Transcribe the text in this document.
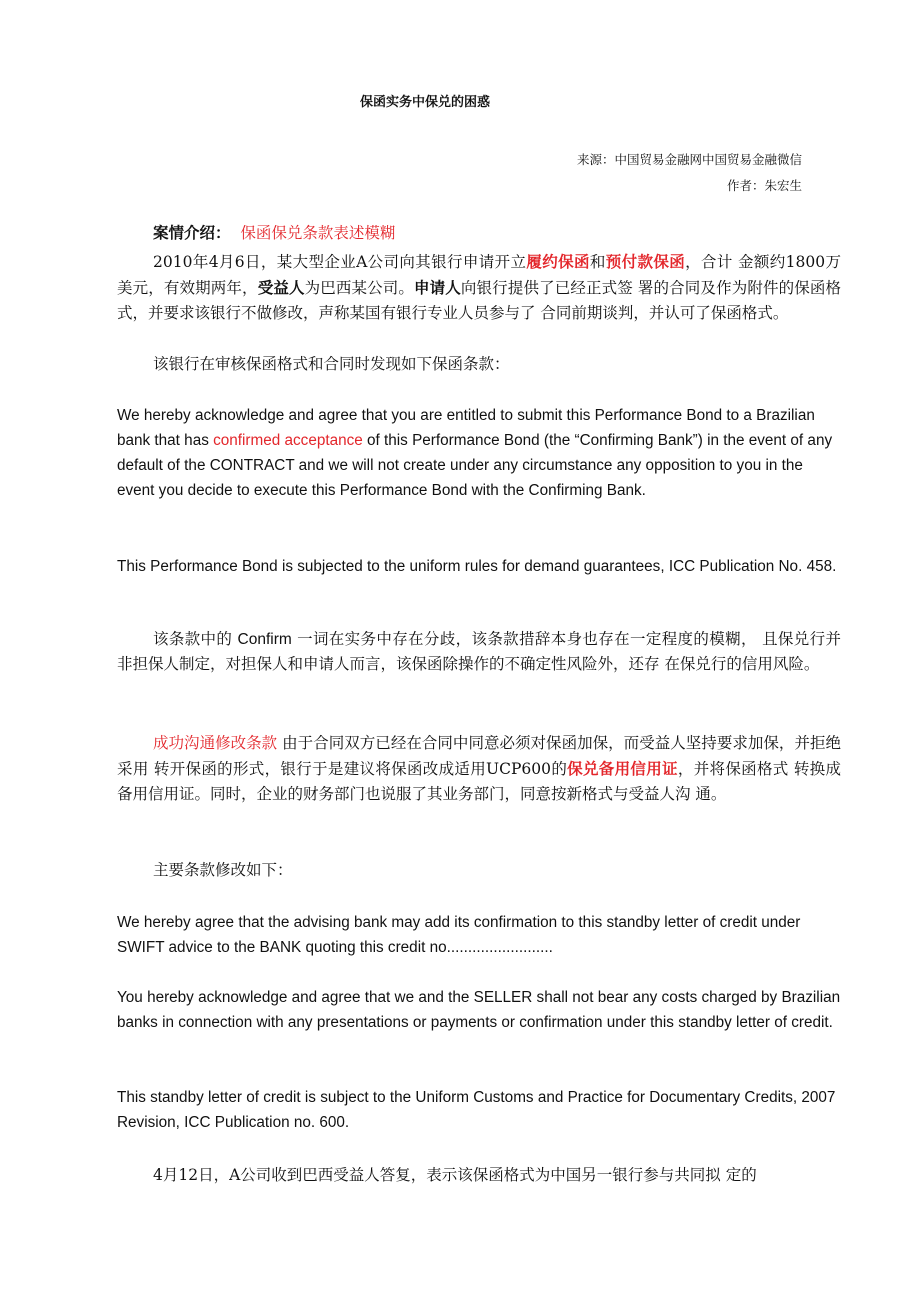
保函实务中保兑的困惑
来源：中国贸易金融网中国贸易金融微信
作者：朱宏生
案情介绍： 保函保兑条款表述模糊
2010年4月6日，某大型企业A公司向其银行申请开立履约保函和预付款保函，合计 金额约1800万美元，有效期两年，受益人为巴西某公司。申请人向银行提供了已经正式签 署的合同及作为附件的保函格式，并要求该银行不做修改，声称某国有银行专业人员参与了 合同前期谈判，并认可了保函格式。
该银行在审核保函格式和合同时发现如下保函条款：
We hereby acknowledge and agree that you are entitled to submit this Performance Bond to a Brazilian bank that has confirmed acceptance of this Performance Bond (the “Confirming Bank”) in the event of any default of the CONTRACT and we will not create under any circumstance any opposition to you in the event you decide to execute this Performance Bond with the Confirming Bank.
This Performance Bond is subjected to the uniform rules for demand guarantees, ICC Publication No. 458.
该条款中的 Confirm 一词在实务中存在分歧，该条款措辞本身也存在一定程度的模糊， 且保兑行并非担保人制定，对担保人和申请人而言，该保函除操作的不确定性风险外，还存 在保兑行的信用风险。
成功沟通修改条款 由于合同双方已经在合同中同意必须对保函加保，而受益人坚持要求加保，并拒绝采用 转开保函的形式，银行于是建议将保函改成适用UCP600的保兑备用信用证，并将保函格式 转换成备用信用证。同时，企业的财务部门也说服了其业务部门，同意按新格式与受益人沟 通。
主要条款修改如下：
We hereby agree that the advising bank may add its confirmation to this standby letter of credit under SWIFT advice to the BANK quoting this credit no.........................
You hereby acknowledge and agree that we and the SELLER shall not bear any costs charged by Brazilian banks in connection with any presentations or payments or confirmation under this standby letter of credit.
This standby letter of credit is subject to the Uniform Customs and Practice for Documentary Credits, 2007 Revision, ICC Publication no. 600.
4月12日，A公司收到巴西受益人答复，表示该保函格式为中国另一银行参与共同拟 定的
